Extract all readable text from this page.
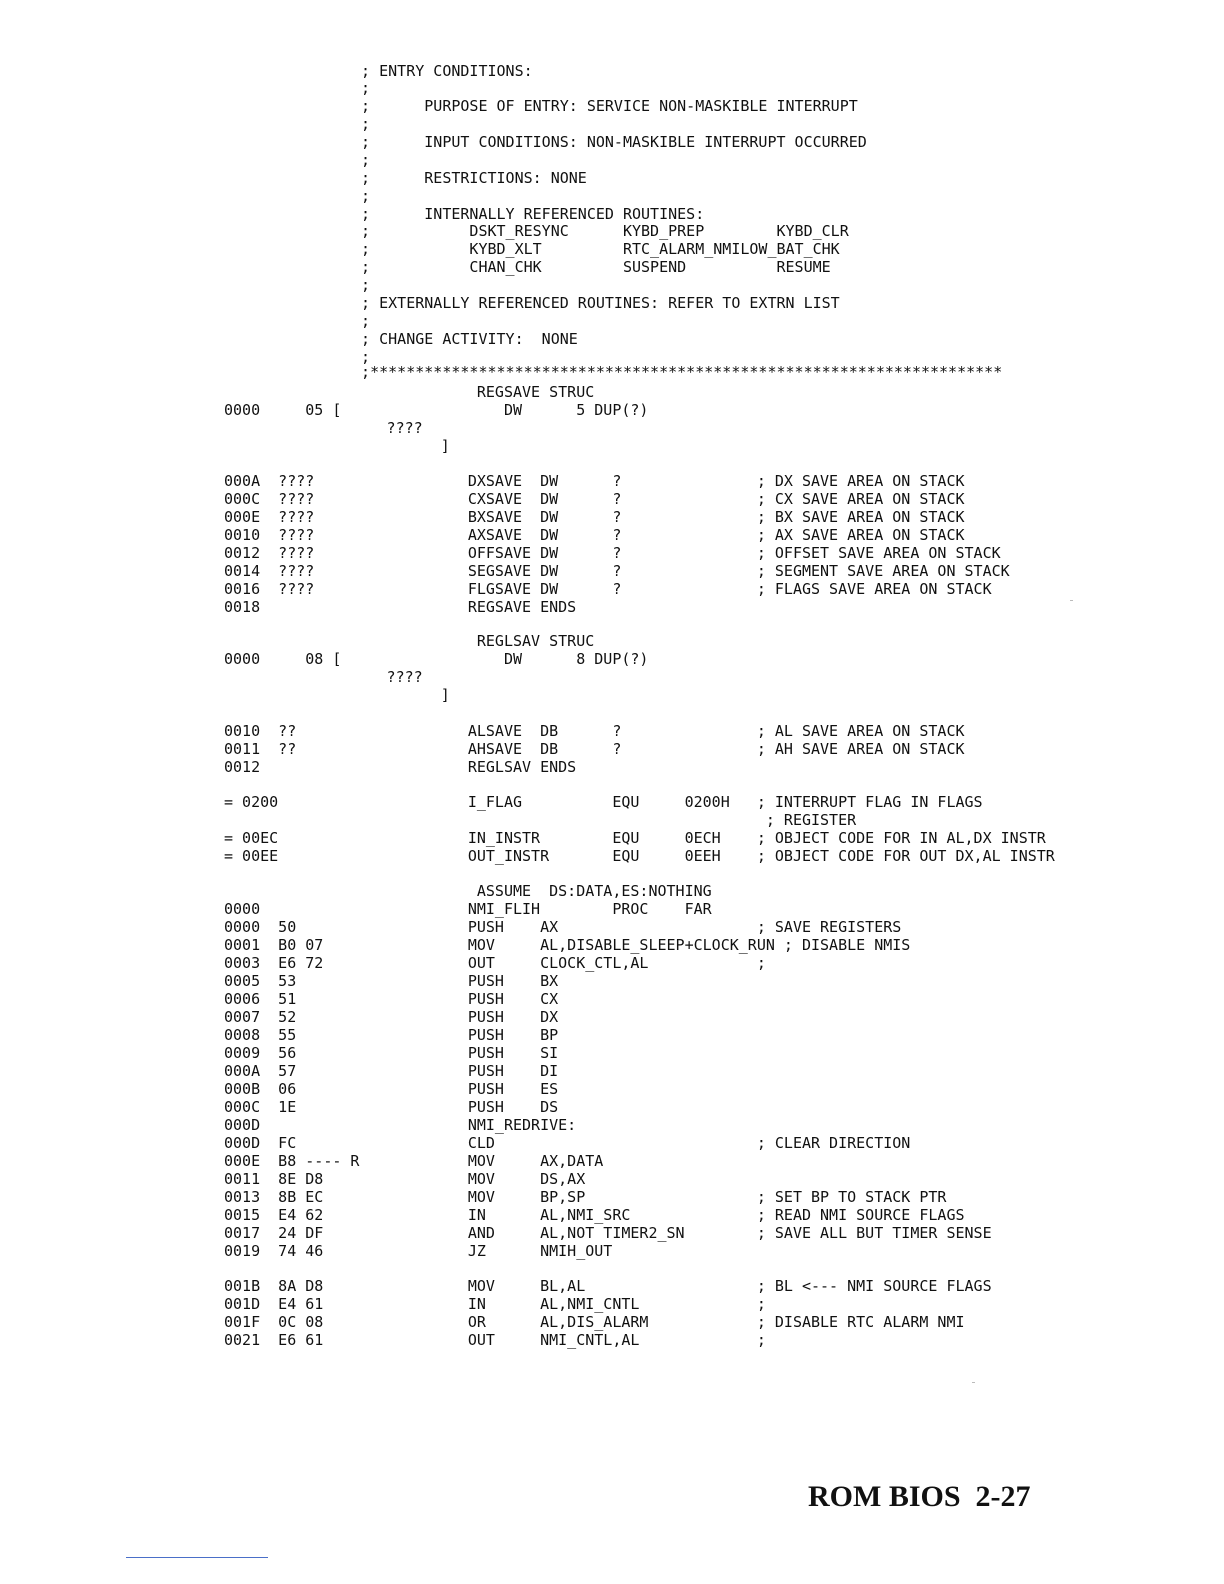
; ENTRY CONDITIONS:
;
;      PURPOSE OF ENTRY: SERVICE NON-MASKIBLE INTERRUPT
;
;      INPUT CONDITIONS: NON-MASKIBLE INTERRUPT OCCURRED
;
;      RESTRICTIONS: NONE
;
;      INTERNALLY REFERENCED ROUTINES:
;           DSKT_RESYNC      KYBD_PREP        KYBD_CLR
;           KYBD_XLT         RTC_ALARM_NMILOW_BAT_CHK
;           CHAN_CHK         SUSPEND          RESUME
;
; EXTERNALLY REFERENCED ROUTINES: REFER TO EXTRN LIST
;
; CHANGE ACTIVITY:  NONE
;
;**********************************************************************
REGSAVE STRUC
0000     05 [                  DW      5 DUP(?)
????
]
000A  ????                 DXSAVE  DW      ?               ; DX SAVE AREA ON STACK
000C  ????                 CXSAVE  DW      ?               ; CX SAVE AREA ON STACK
000E  ????                 BXSAVE  DW      ?               ; BX SAVE AREA ON STACK
0010  ????                 AXSAVE  DW      ?               ; AX SAVE AREA ON STACK
0012  ????                 OFFSAVE DW      ?               ; OFFSET SAVE AREA ON STACK
0014  ????                 SEGSAVE DW      ?               ; SEGMENT SAVE AREA ON STACK
0016  ????                 FLGSAVE DW      ?               ; FLAGS SAVE AREA ON STACK
0018                       REGSAVE ENDS
REGLSAV STRUC
0000     08 [                  DW      8 DUP(?)
????
]
0010  ??                   ALSAVE  DB      ?               ; AL SAVE AREA ON STACK
0011  ??                   AHSAVE  DB      ?               ; AH SAVE AREA ON STACK
0012                       REGLSAV ENDS
= 0200                     I_FLAG          EQU     0200H   ; INTERRUPT FLAG IN FLAGS
; REGISTER
= 00EC                     IN_INSTR        EQU     0ECH    ; OBJECT CODE FOR IN AL,DX INSTR
= 00EE                     OUT_INSTR       EQU     0EEH    ; OBJECT CODE FOR OUT DX,AL INSTR
ASSUME  DS:DATA,ES:NOTHING
0000                       NMI_FLIH        PROC    FAR
0000  50                   PUSH    AX                      ; SAVE REGISTERS
0001  B0 07                MOV     AL,DISABLE_SLEEP+CLOCK_RUN ; DISABLE NMIS
0003  E6 72                OUT     CLOCK_CTL,AL            ;
0005  53                   PUSH    BX
0006  51                   PUSH    CX
0007  52                   PUSH    DX
0008  55                   PUSH    BP
0009  56                   PUSH    SI
000A  57                   PUSH    DI
000B  06                   PUSH    ES
000C  1E                   PUSH    DS
000D                       NMI_REDRIVE:
000D  FC                   CLD                             ; CLEAR DIRECTION
000E  B8 ---- R            MOV     AX,DATA
0011  8E D8                MOV     DS,AX
0013  8B EC                MOV     BP,SP                   ; SET BP TO STACK PTR
0015  E4 62                IN      AL,NMI_SRC              ; READ NMI SOURCE FLAGS
0017  24 DF                AND     AL,NOT TIMER2_SN        ; SAVE ALL BUT TIMER SENSE
0019  74 46                JZ      NMIH_OUT
001B  8A D8                MOV     BL,AL                   ; BL <--- NMI SOURCE FLAGS
001D  E4 61                IN      AL,NMI_CNTL             ;
001F  0C 08                OR      AL,DIS_ALARM            ; DISABLE RTC ALARM NMI
0021  E6 61                OUT     NMI_CNTL,AL             ;
ROM BIOS  2-27
